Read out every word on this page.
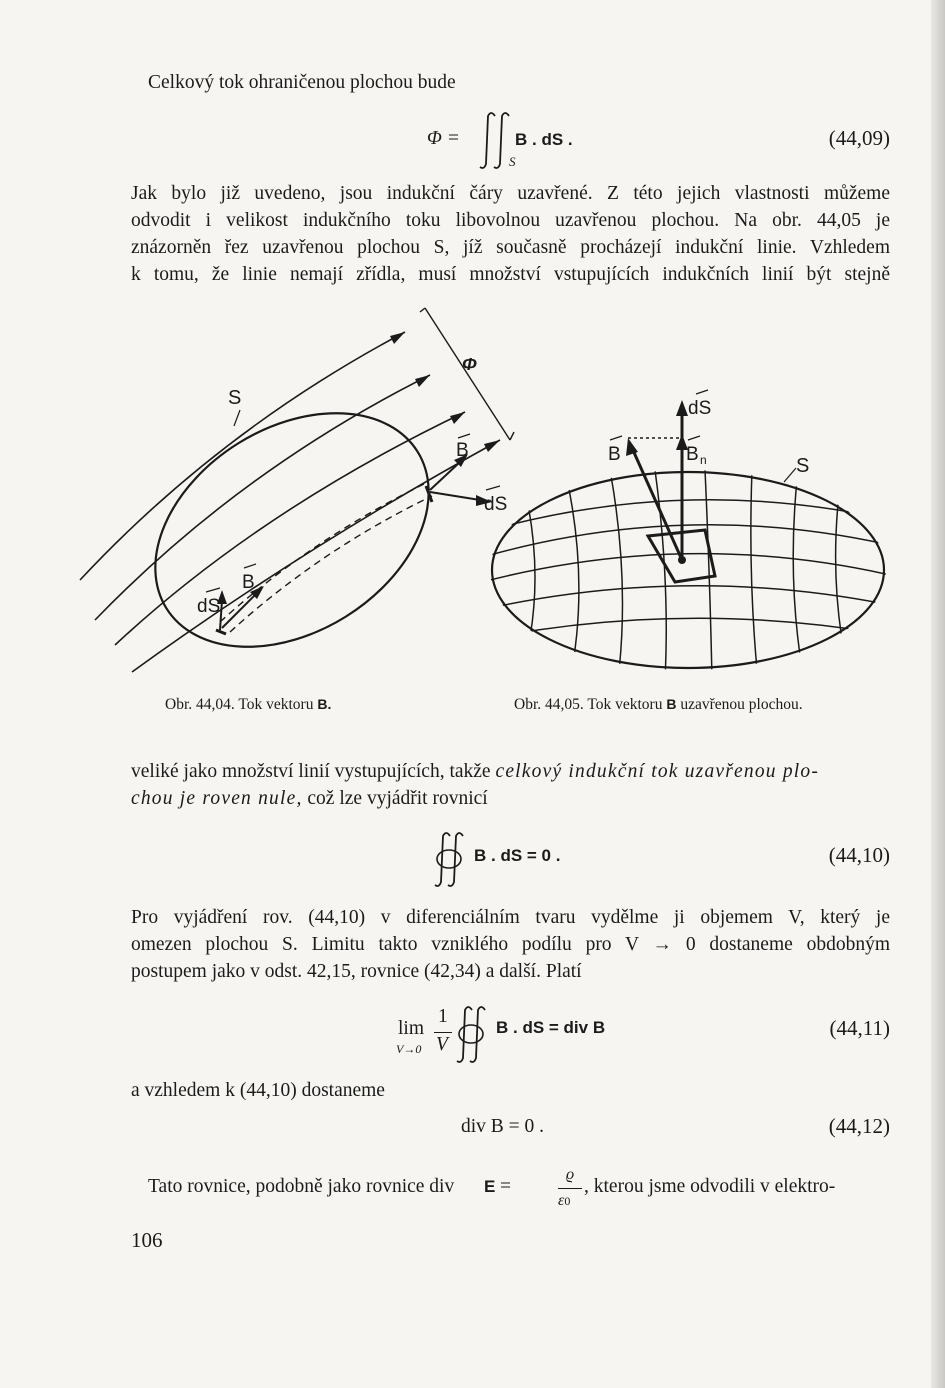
Celkový tok ohraničenou plochou bude
Φ =
S
B . dS .	(44,09)
Jak bylo již uvedeno, jsou indukční čáry uzavřené. Z této jejich vlastnosti můžeme
odvodit i velikost indukčního toku libovolnou uzavřenou plochou. Na obr. 44,05 je
znázorněn řez uzavřenou plochou S, jíž současně procházejí indukční linie. Vzhledem
k tomu, že linie nemají zřídla, musí množství vstupujících indukčních linií být stejně
Φ
S
B
dS
B
dS
dS
B	B n	S
Obr. 44,04. Tok vektoru B.	Obr. 44,05. Tok vektoru B uzavřenou plochou.
veliké jako množství linií vystupujících, takže celkový indukční tok uzavřenou plo-
chou je roven nule, což lze vyjádřit rovnicí
B . dS = 0 .	(44,10)
Pro vyjádření rov. (44,10) v diferenciálním tvaru vydělme ji objemem V, který je
omezen plochou S. Limitu takto vzniklého podílu pro V → 0 dostaneme obdobným
postupem jako v odst. 42,15, rovnice (42,34) a další. Platí
lim
V→0
1
V
B . dS = div B	(44,11)
a vzhledem k (44,10) dostaneme
div B = 0 .	(44,12)
Tato rovnice, podobně jako rovnice div E =
ϱ
ε0
, kterou jsme odvodili v elektro-
106
